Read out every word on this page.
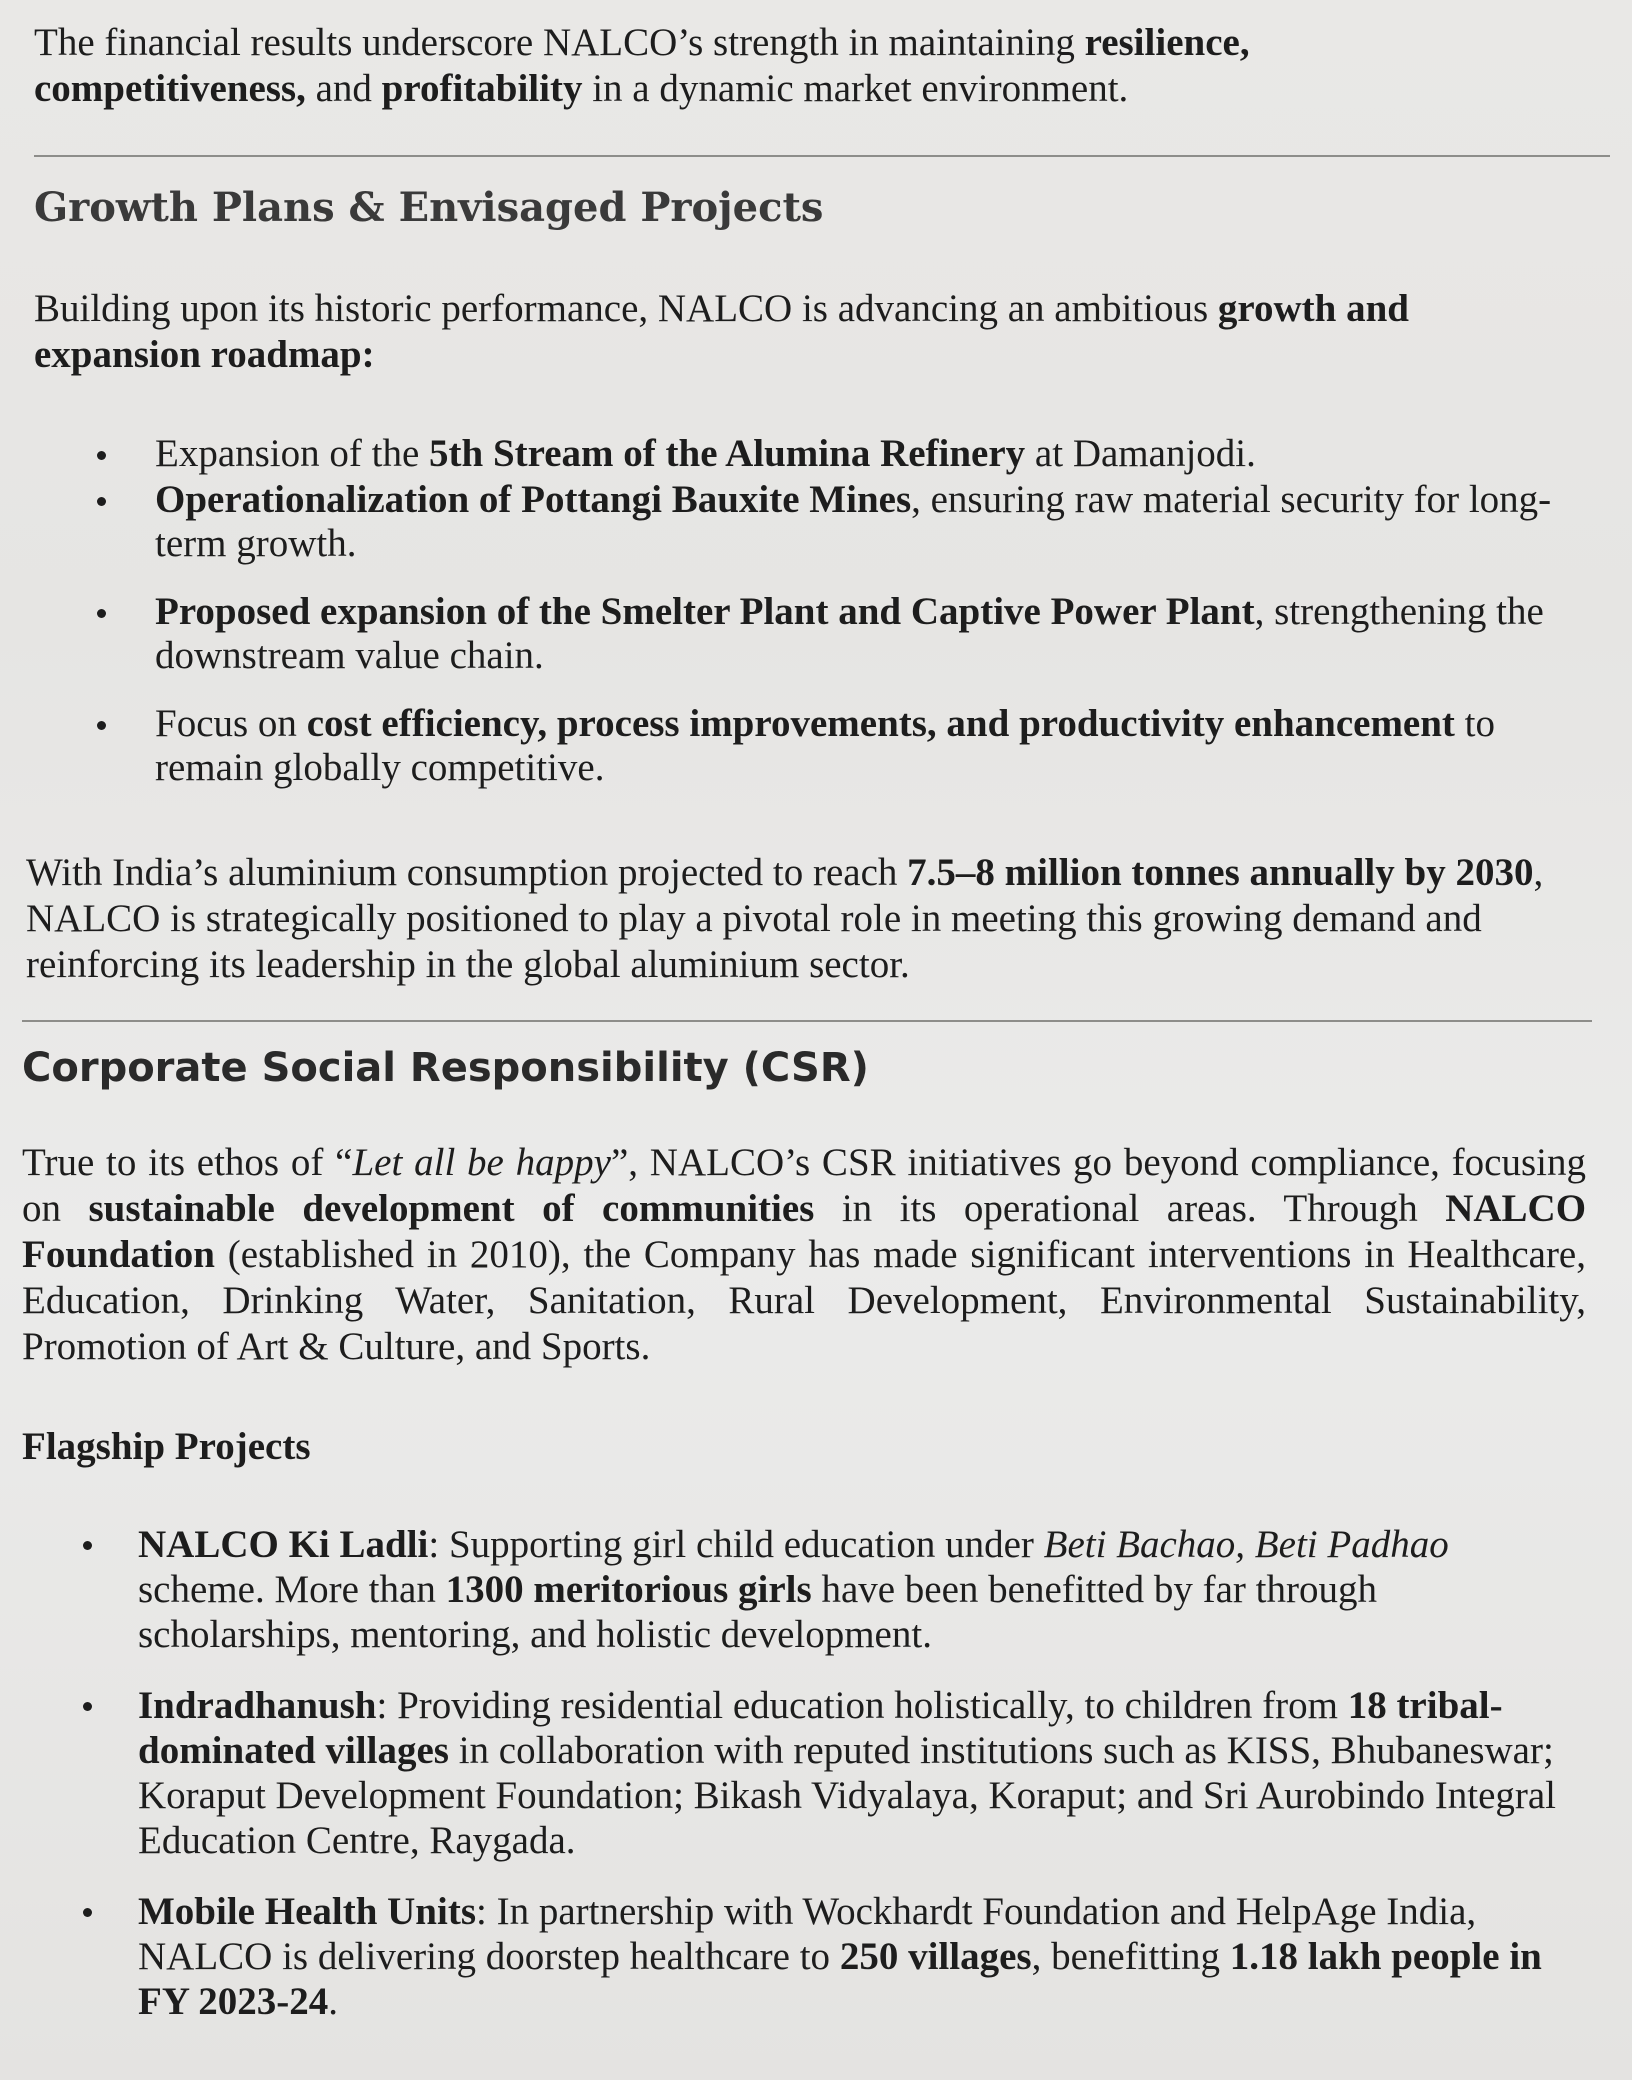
The financial results underscore NALCO’s strength in maintaining resilience, competitiveness, and profitability in a dynamic market environment.

Growth Plans & Envisaged Projects

Building upon its historic performance, NALCO is advancing an ambitious growth and expansion roadmap:

Expansion of the 5th Stream of the Alumina Refinery at Damanjodi.
Operationalization of Pottangi Bauxite Mines, ensuring raw material security for long-term growth.
Proposed expansion of the Smelter Plant and Captive Power Plant, strengthening the downstream value chain.
Focus on cost efficiency, process improvements, and productivity enhancement to remain globally competitive.

With India’s aluminium consumption projected to reach 7.5–8 million tonnes annually by 2030, NALCO is strategically positioned to play a pivotal role in meeting this growing demand and reinforcing its leadership in the global aluminium sector.

Corporate Social Responsibility (CSR)

True to its ethos of “Let all be happy”, NALCO’s CSR initiatives go beyond compliance, focusing on sustainable development of communities in its operational areas. Through NALCO Foundation (established in 2010), the Company has made significant interventions in Healthcare, Education, Drinking Water, Sanitation, Rural Development, Environmental Sustainability, Promotion of Art & Culture, and Sports.

Flagship Projects
NALCO Ki Ladli: Supporting girl child education under Beti Bachao, Beti Padhao scheme. More than 1300 meritorious girls have been benefitted by far through scholarships, mentoring, and holistic development.
Indradhanush: Providing residential education holistically, to children from 18 tribal-dominated villages in collaboration with reputed institutions such as KISS, Bhubaneswar; Koraput Development Foundation; Bikash Vidyalaya, Koraput; and Sri Aurobindo Integral Education Centre, Raygada.
Mobile Health Units: In partnership with Wockhardt Foundation and HelpAge India, NALCO is delivering doorstep healthcare to 250 villages, benefitting 1.18 lakh people in FY 2023-24.
